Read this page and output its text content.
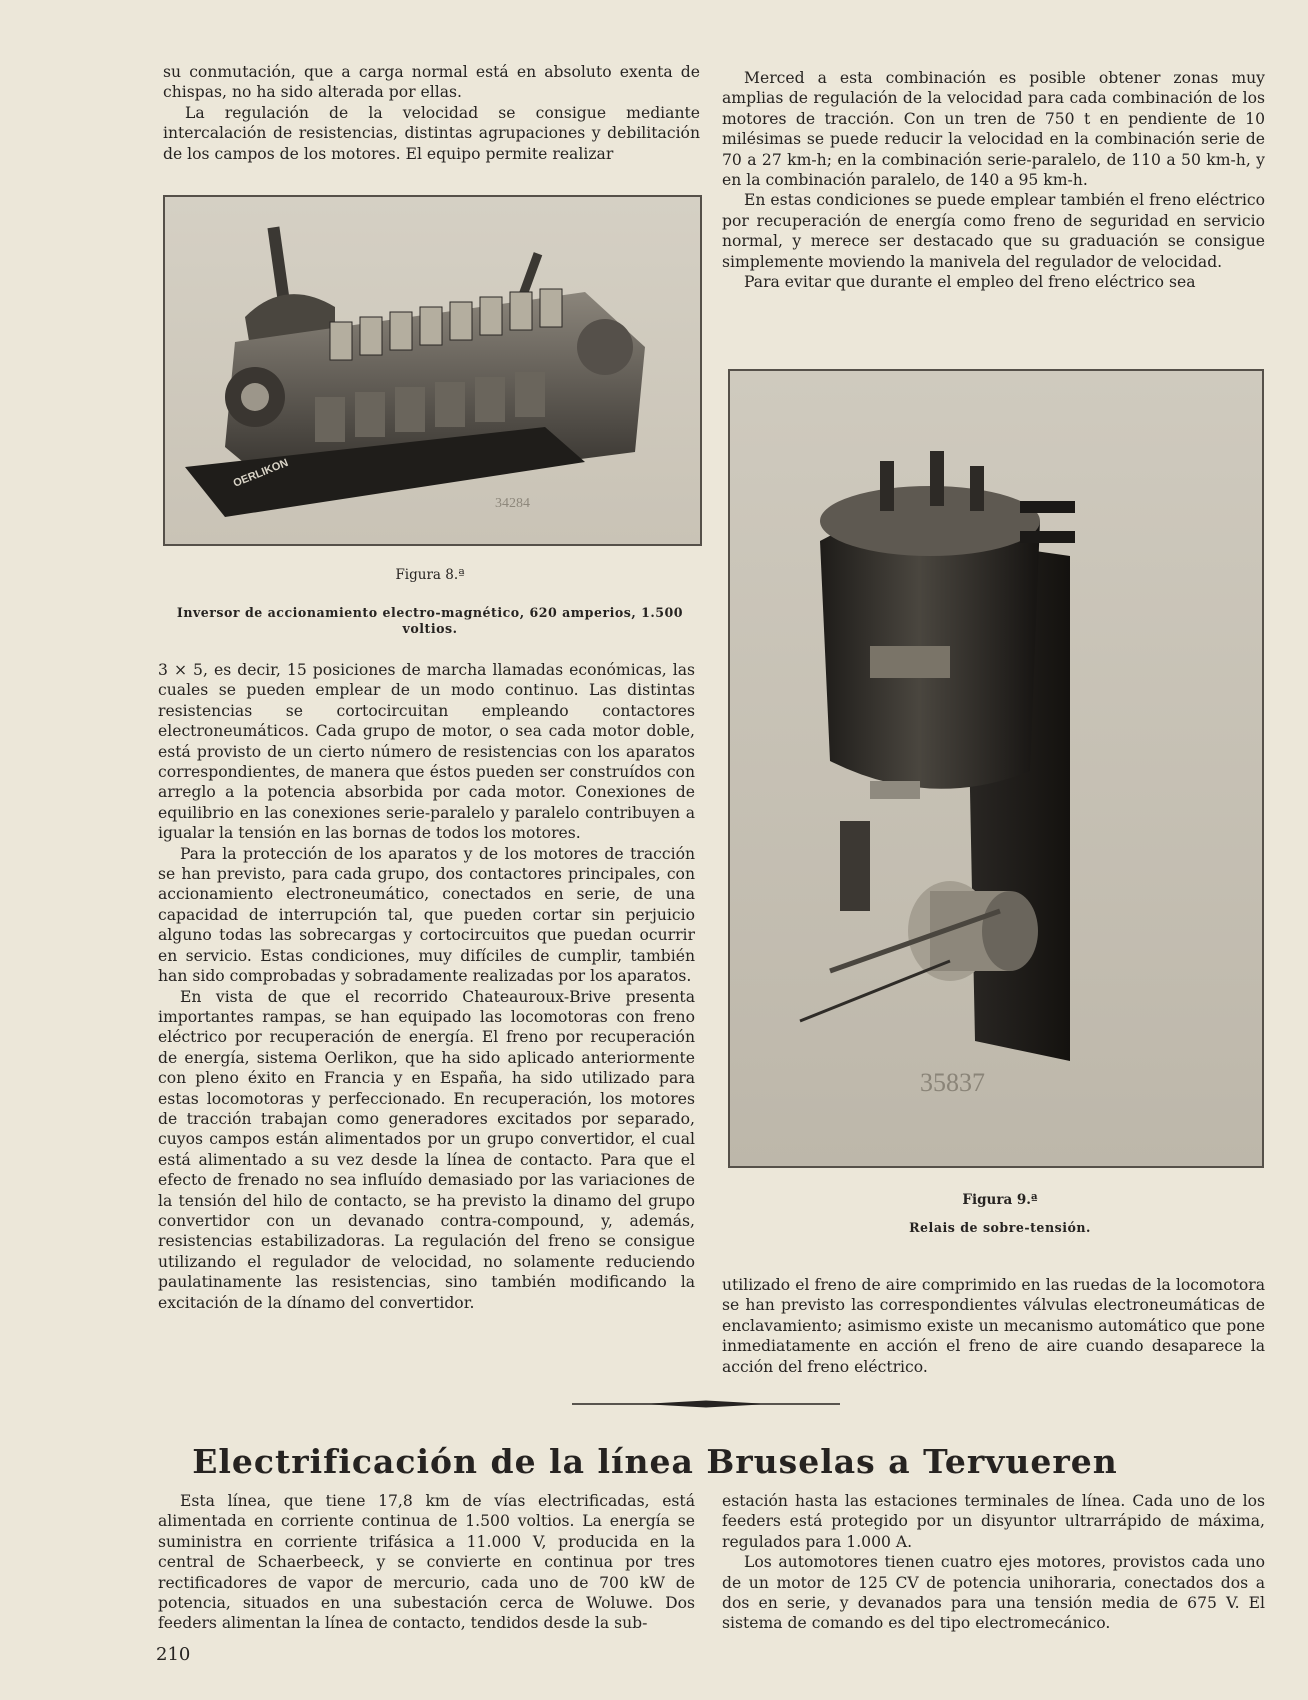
su conmutación, que a carga normal está en absoluto exenta de chispas, no ha sido alterada por ellas.

La regulación de la velocidad se consigue mediante intercalación de resistencias, distintas agrupaciones y debilitación de los campos de los motores. El equipo permite realizar

OERLIKON
34284
Figura 8.ª
Inversor de accionamiento electro-magnético, 620 amperios, 1.500 voltios.

3 × 5, es decir, 15 posiciones de marcha llamadas económicas, las cuales se pueden emplear de un modo continuo. Las distintas resistencias se cortocircuitan empleando contactores electroneumáticos. Cada grupo de motor, o sea cada motor doble, está provisto de un cierto número de resistencias con los aparatos correspondientes, de manera que éstos pueden ser construídos con arreglo a la potencia absorbida por cada motor. Conexiones de equilibrio en las conexiones serie-paralelo y paralelo contribuyen a igualar la tensión en las bornas de todos los motores.

Para la protección de los aparatos y de los motores de tracción se han previsto, para cada grupo, dos contactores principales, con accionamiento electroneumático, conectados en serie, de una capacidad de interrupción tal, que pueden cortar sin perjuicio alguno todas las sobrecargas y cortocircuitos que puedan ocurrir en servicio. Estas condiciones, muy difíciles de cumplir, también han sido comprobadas y sobradamente realizadas por los aparatos.

En vista de que el recorrido Chateauroux-Brive presenta importantes rampas, se han equipado las locomotoras con freno eléctrico por recuperación de energía. El freno por recuperación de energía, sistema Oerlikon, que ha sido aplicado anteriormente con pleno éxito en Francia y en España, ha sido utilizado para estas locomotoras y perfeccionado. En recuperación, los motores de tracción trabajan como generadores excitados por separado, cuyos campos están alimentados por un grupo convertidor, el cual está alimentado a su vez desde la línea de contacto. Para que el efecto de frenado no sea influído demasiado por las variaciones de la tensión del hilo de contacto, se ha previsto la dinamo del grupo convertidor con un devanado contra-compound, y, además, resistencias estabilizadoras. La regulación del freno se consigue utilizando el regulador de velocidad, no solamente reduciendo paulatinamente las resistencias, sino también modificando la excitación de la dínamo del convertidor.

Merced a esta combinación es posible obtener zonas muy amplias de regulación de la velocidad para cada combinación de los motores de tracción. Con un tren de 750 t en pendiente de 10 milésimas se puede reducir la velocidad en la combinación serie de 70 a 27 km-h; en la combinación serie-paralelo, de 110 a 50 km-h, y en la combinación paralelo, de 140 a 95 km-h.

En estas condiciones se puede emplear también el freno eléctrico por recuperación de energía como freno de seguridad en servicio normal, y merece ser destacado que su graduación se consigue simplemente moviendo la manivela del regulador de velocidad.

Para evitar que durante el empleo del freno eléctrico sea

35837
Figura 9.ª
Relais de sobre-tensión.

utilizado el freno de aire comprimido en las ruedas de la locomotora se han previsto las correspondientes válvulas electroneumáticas de enclavamiento; asimismo existe un mecanismo automático que pone inmediatamente en acción el freno de aire cuando desaparece la acción del freno eléctrico.

Electrificación de la línea Bruselas a Tervueren

Esta línea, que tiene 17,8 km de vías electrificadas, está alimentada en corriente continua de 1.500 voltios. La energía se suministra en corriente trifásica a 11.000 V, producida en la central de Schaerbeeck, y se convierte en continua por tres rectificadores de vapor de mercurio, cada uno de 700 kW de potencia, situados en una subestación cerca de Woluwe. Dos feeders alimentan la línea de contacto, tendidos desde la sub-

estación hasta las estaciones terminales de línea. Cada uno de los feeders está protegido por un disyuntor ultrarrápido de máxima, regulados para 1.000 A.

Los automotores tienen cuatro ejes motores, provistos cada uno de un motor de 125 CV de potencia unihoraria, conectados dos a dos en serie, y devanados para una tensión media de 675 V. El sistema de comando es del tipo electromecánico.

210
